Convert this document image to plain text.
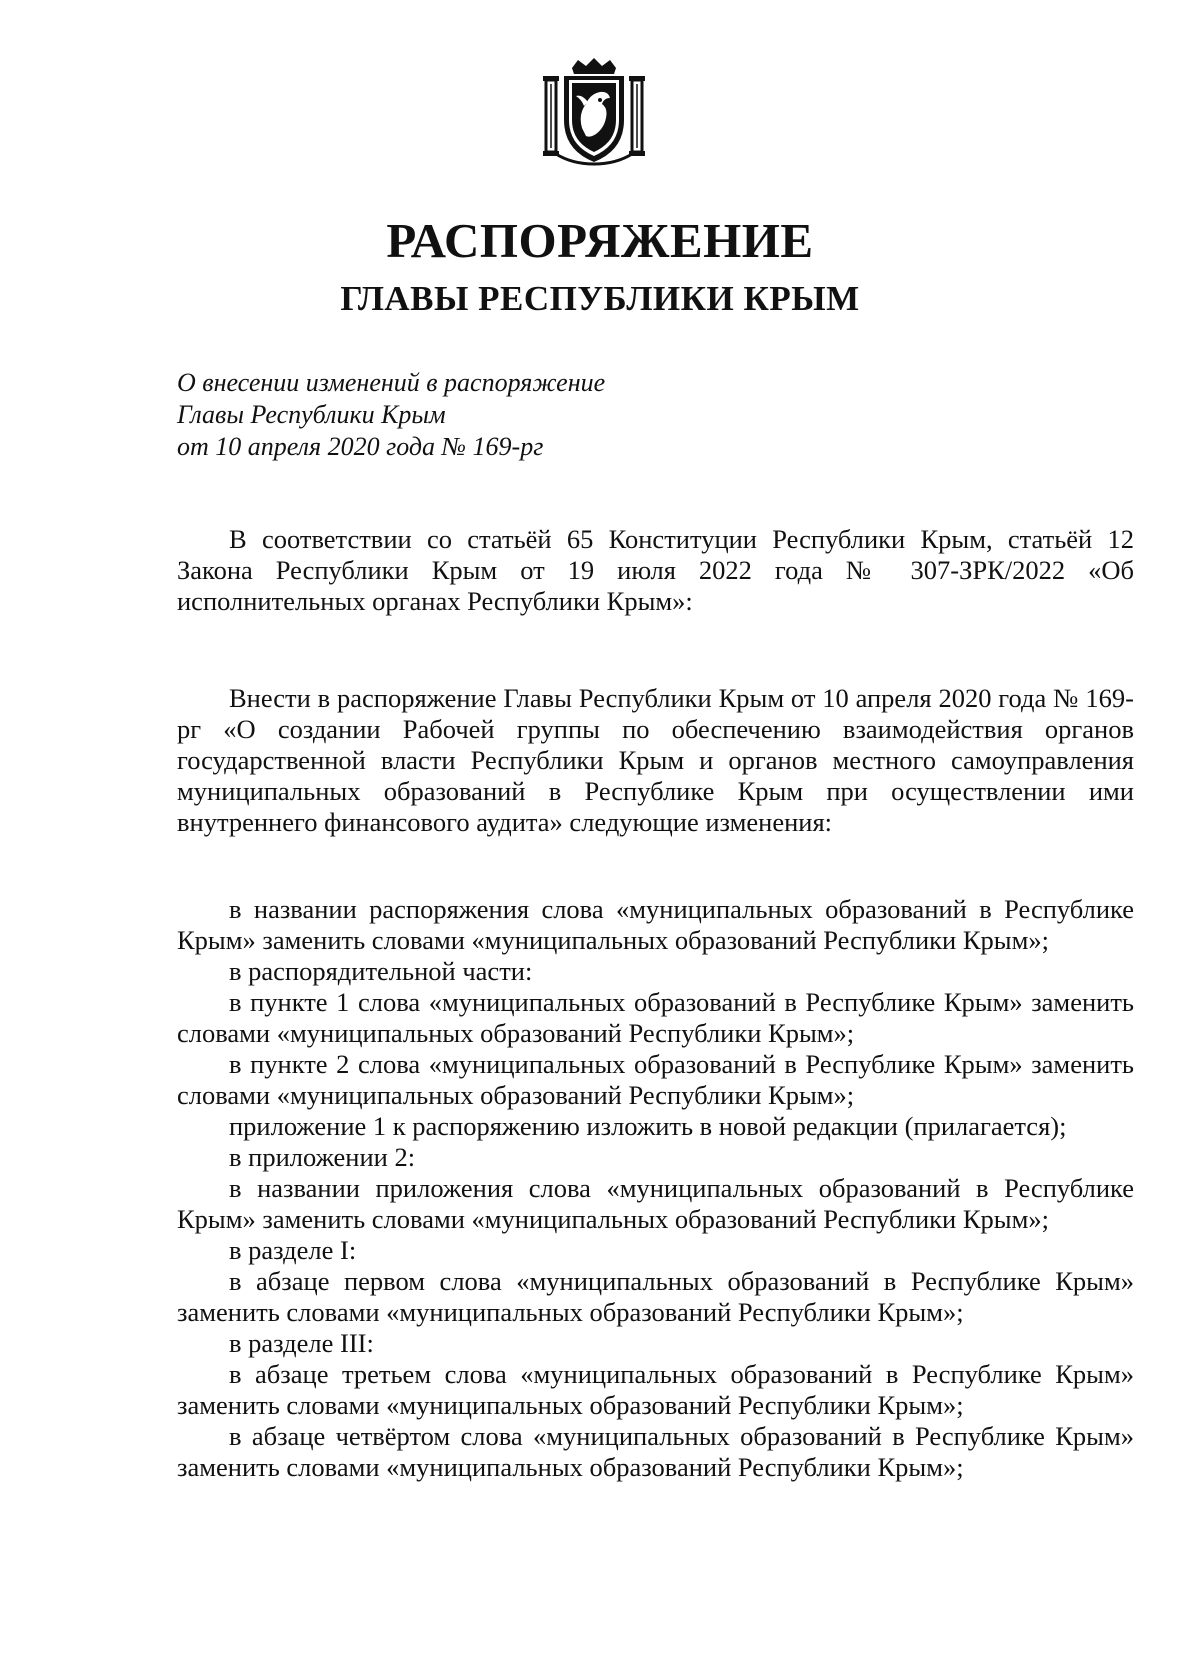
РАСПОРЯЖЕНИЕ
ГЛАВЫ РЕСПУБЛИКИ КРЫМ
О внесении изменений в распоряжение
Главы Республики Крым
от 10 апреля 2020 года № 169-рг

В соответствии со статьёй 65 Конституции Республики Крым, статьёй 12 Закона Республики Крым от 19 июля 2022 года № 307-ЗРК/2022 «Об исполнительных органах Республики Крым»:

Внести в распоряжение Главы Республики Крым от 10 апреля 2020 года № 169-рг «О создании Рабочей группы по обеспечению взаимодействия органов государственной власти Республики Крым и органов местного самоуправления муниципальных образований в Республике Крым при осуществлении ими внутреннего финансового аудита» следующие изменения:

в названии распоряжения слова «муниципальных образований в Республике Крым» заменить словами «муниципальных образований Республики Крым»;

в распорядительной части:

в пункте 1 слова «муниципальных образований в Республике Крым» заменить словами «муниципальных образований Республики Крым»;

в пункте 2 слова «муниципальных образований в Республике Крым» заменить словами «муниципальных образований Республики Крым»;

приложение 1 к распоряжению изложить в новой редакции (прилагается);

в приложении 2:

в названии приложения слова «муниципальных образований в Республике Крым» заменить словами «муниципальных образований Республики Крым»;

в разделе I:

в абзаце первом слова «муниципальных образований в Республике Крым» заменить словами «муниципальных образований Республики Крым»;

в разделе III:

в абзаце третьем слова «муниципальных образований в Республике Крым» заменить словами «муниципальных образований Республики Крым»;

в абзаце четвёртом слова «муниципальных образований в Республике Крым» заменить словами «муниципальных образований Республики Крым»;
